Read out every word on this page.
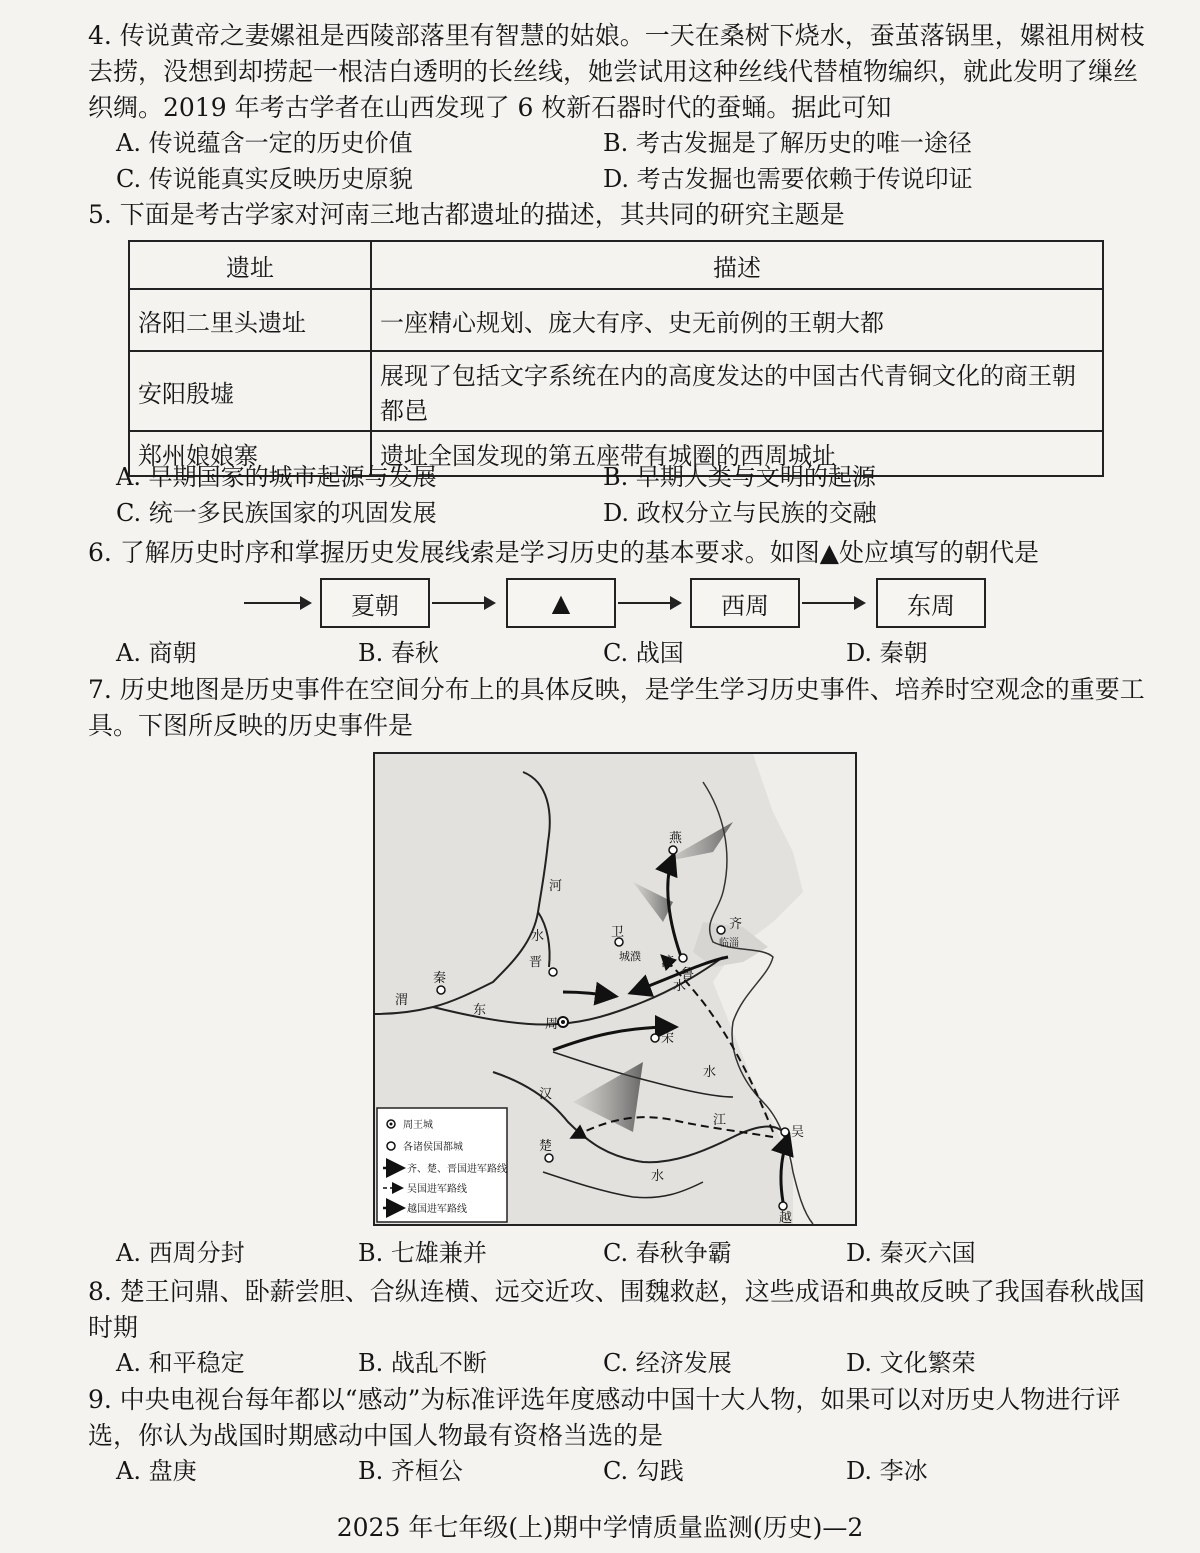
4. 传说黄帝之妻嫘祖是西陵部落里有智慧的姑娘。一天在桑树下烧水，蚕茧落锅里，嫘祖用树枝去捞，没想到却捞起一根洁白透明的长丝线，她尝试用这种丝线代替植物编织，就此发明了缫丝织绸。2019 年考古学者在山西发现了 6 枚新石器时代的蚕蛹。据此可知
A. 传说蕴含一定的历史价值	B. 考古发掘是了解历史的唯一途径
C. 传说能真实反映历史原貌	D. 考古发掘也需要依赖于传说印证
5. 下面是考古学家对河南三地古都遗址的描述，其共同的研究主题是
遗址	描述
洛阳二里头遗址	一座精心规划、庞大有序、史无前例的王朝大都
安阳殷墟	展现了包括文字系统在内的高度发达的中国古代青铜文化的商王朝都邑
郑州娘娘寨	遗址全国发现的第五座带有城圈的西周城址
A. 早期国家的城市起源与发展	B. 早期人类与文明的起源
C. 统一多民族国家的巩固发展	D. 政权分立与民族的交融
6. 了解历史时序和掌握历史发展线索是学习历史的基本要求。如图▲处应填写的朝代是
夏朝	▲	西周	东周
A. 商朝	B. 春秋	C. 战国	D. 秦朝
7. 历史地图是历史事件在空间分布上的具体反映，是学生学习历史事件、培养时空观念的重要工具。下图所反映的历史事件是
燕
齐
临淄
卫
晋	城濮
鲁
秦
周
宋
楚
吴
越
河
水
渭
东
济
水
水
汉
江
水
周王城
各诸侯国都城
齐、楚、晋国进军路线
吴国进军路线
越国进军路线
A. 西周分封	B. 七雄兼并	C. 春秋争霸	D. 秦灭六国
8. 楚王问鼎、卧薪尝胆、合纵连横、远交近攻、围魏救赵，这些成语和典故反映了我国春秋战国时期
A. 和平稳定	B. 战乱不断	C. 经济发展	D. 文化繁荣
9. 中央电视台每年都以“感动”为标准评选年度感动中国十大人物，如果可以对历史人物进行评选，你认为战国时期感动中国人物最有资格当选的是
A. 盘庚	B. 齐桓公	C. 勾践	D. 李冰
2025 年七年级(上)期中学情质量监测(历史)—2
